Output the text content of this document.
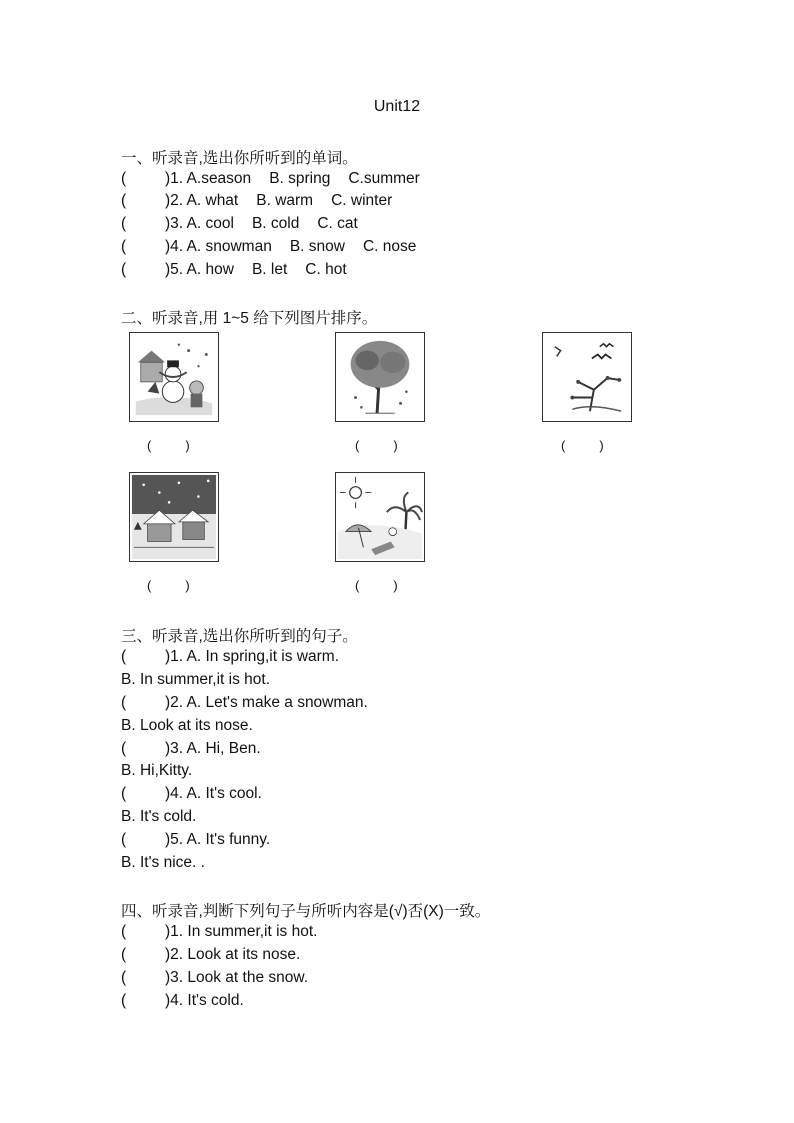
Unit12
一、听录音,选出你所听到的单词。
(	)1. A.season B. spring C.summer
(	)2. A. what B. warm C. winter
(	)3. A. cool B. cold C. cat
(	)4. A. snowman B. snow C. nose
(	)5. A. how B. let C. hot
二、听录音,用 1~5 给下列图片排序。
(	)	(	)	(	)
(	)	(	)
三、听录音,选出你所听到的句子。
(	)1. A. In spring,it is warm.
B. In summer,it is hot.
(	)2. A. Let's make a snowman.
B. Look at its nose.
(	)3. A. Hi, Ben.
B. Hi,Kitty.
(	)4. A. It's cool.
B. It's cold.
(	)5. A. It's funny.
B. It's nice. .
四、听录音,判断下列句子与所听内容是(√)否(X)一致。
(	)1. In summer,it is hot.
(	)2. Look at its nose.
(	)3. Look at the snow.
(	)4. It's cold.
